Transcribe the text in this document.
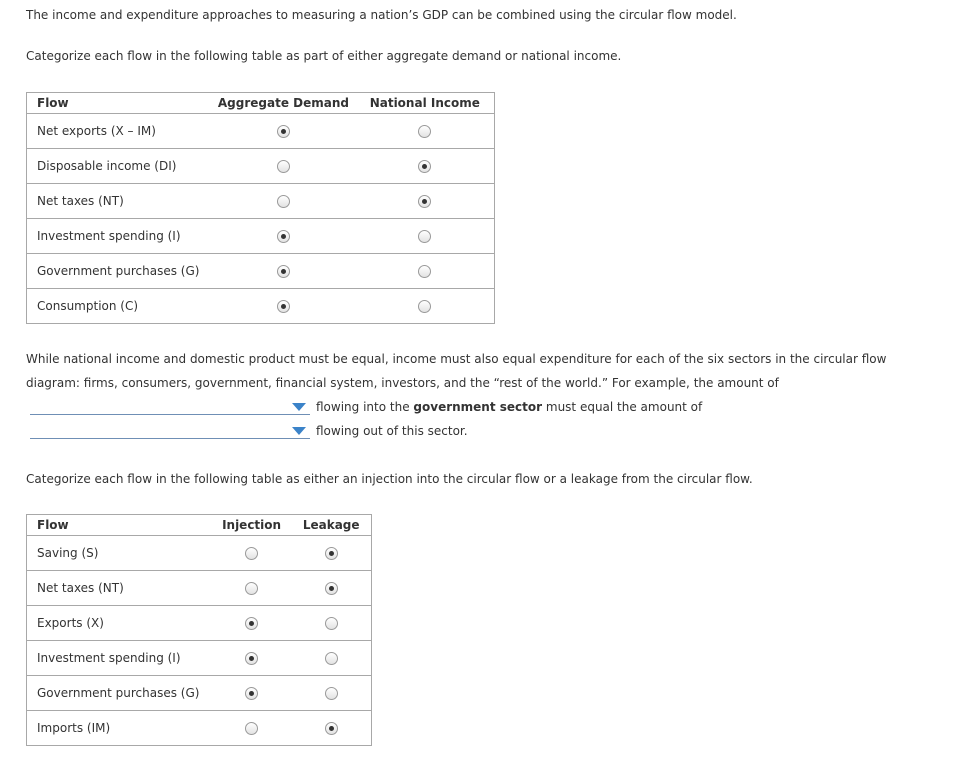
The income and expenditure approaches to measuring a nation’s GDP can be combined using the circular flow model.

Categorize each flow in the following table as part of either aggregate demand or national income.

Flow	Aggregate Demand	National Income
Net exports (X – IM)		
Disposable income (DI)		
Net taxes (NT)		
Investment spending (I)		
Government purchases (G)		
Consumption (C)		

While national income and domestic product must be equal, income must also equal expenditure for each of the six sectors in the circular flow diagram: firms, consumers, government, financial system, investors, and the “rest of the world.” For example, the amount of

flowing into the government sector must equal the amount of
flowing out of this sector.

Categorize each flow in the following table as either an injection into the circular flow or a leakage from the circular flow.

Flow	Injection	Leakage
Saving (S)		
Net taxes (NT)		
Exports (X)		
Investment spending (I)		
Government purchases (G)		
Imports (IM)		
